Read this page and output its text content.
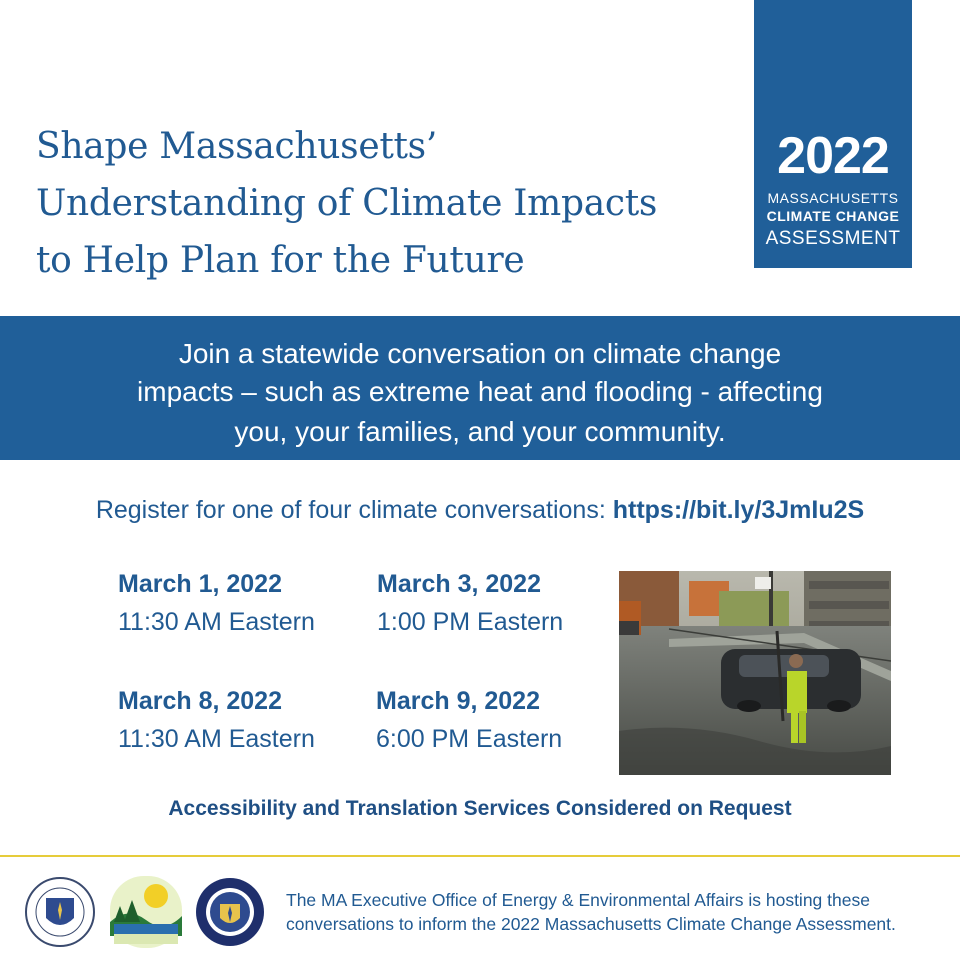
Shape Massachusetts’
Understanding of Climate Impacts
to Help Plan for the Future
2022
MASSACHUSETTS
CLIMATE CHANGE
ASSESSMENT
Join a statewide conversation on climate change
impacts – such as extreme heat and flooding - affecting
you, your families, and your community.
Register for one of four climate conversations: https://bit.ly/3JmIu2S
March 1, 2022
11:30 AM Eastern
March 3, 2022
1:00 PM Eastern
March 8, 2022
11:30 AM Eastern
March 9, 2022
6:00 PM Eastern
Accessibility and Translation Services Considered on Request
The MA Executive Office of Energy & Environmental Affairs is hosting these
conversations to inform the 2022 Massachusetts Climate Change Assessment.
